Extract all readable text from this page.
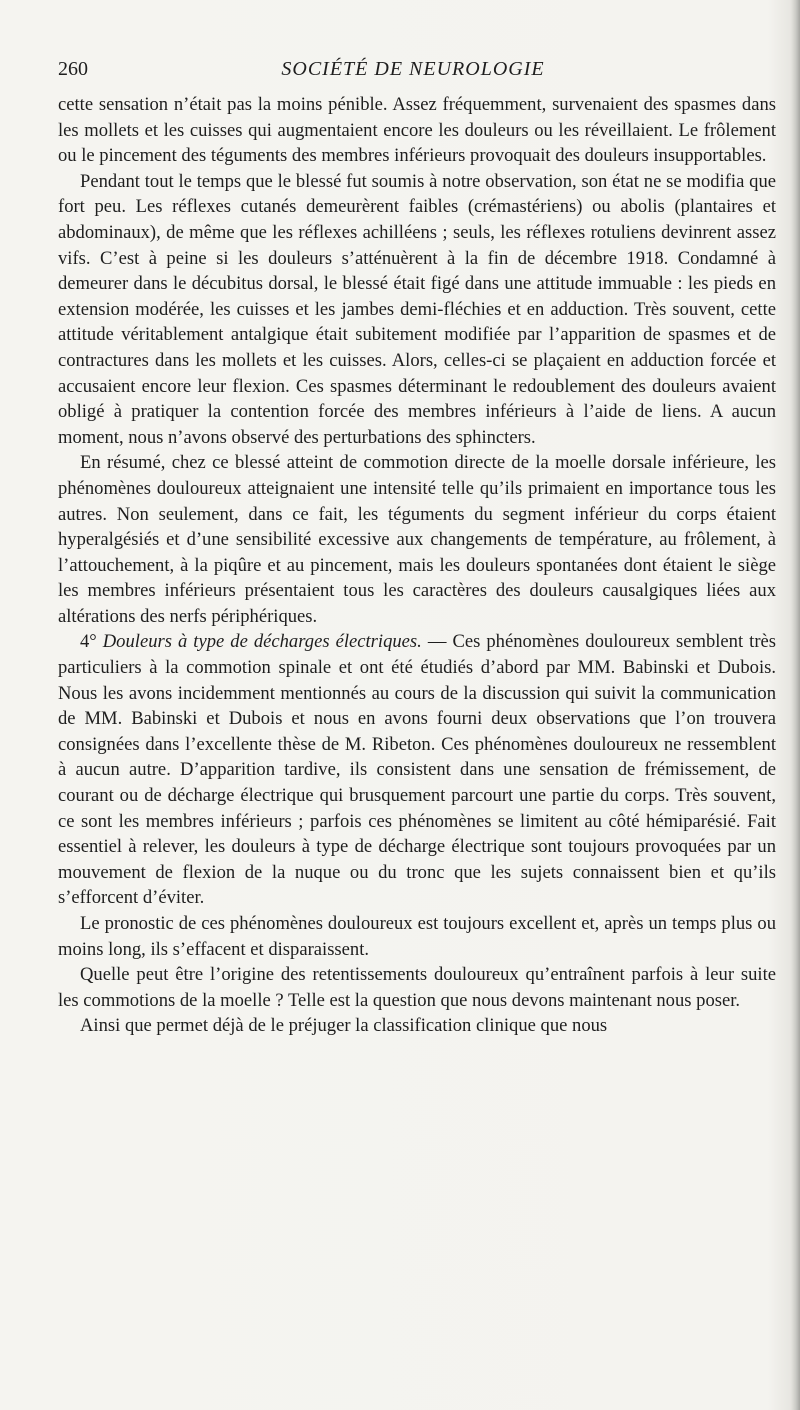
260	SOCIÉTÉ DE NEUROLOGIE

cette sensation n’était pas la moins pénible. Assez fréquemment, survenaient des spasmes dans les mollets et les cuisses qui augmentaient encore les douleurs ou les réveillaient. Le frôlement ou le pincement des téguments des membres inférieurs provoquait des douleurs insupportables.

Pendant tout le temps que le blessé fut soumis à notre observation, son état ne se modifia que fort peu. Les réflexes cutanés demeurèrent faibles (crémastériens) ou abolis (plantaires et abdominaux), de même que les réflexes achilléens ; seuls, les réflexes rotuliens devinrent assez vifs. C’est à peine si les douleurs s’atténuèrent à la fin de décembre 1918. Condamné à demeurer dans le décubitus dorsal, le blessé était figé dans une attitude immuable : les pieds en extension modérée, les cuisses et les jambes demi-fléchies et en adduction. Très souvent, cette attitude véritablement antalgique était subitement modifiée par l’apparition de spasmes et de contractures dans les mollets et les cuisses. Alors, celles-ci se plaçaient en adduction forcée et accusaient encore leur flexion. Ces spasmes déterminant le redoublement des douleurs avaient obligé à pratiquer la contention forcée des membres inférieurs à l’aide de liens. A aucun moment, nous n’avons observé des perturbations des sphincters.

En résumé, chez ce blessé atteint de commotion directe de la moelle dorsale inférieure, les phénomènes douloureux atteignaient une intensité telle qu’ils primaient en importance tous les autres. Non seulement, dans ce fait, les téguments du segment inférieur du corps étaient hyperalgésiés et d’une sensibilité excessive aux changements de température, au frôlement, à l’attouchement, à la piqûre et au pincement, mais les douleurs spontanées dont étaient le siège les membres inférieurs présentaient tous les caractères des douleurs causalgiques liées aux altérations des nerfs périphériques.

4° Douleurs à type de décharges électriques. — Ces phénomènes douloureux semblent très particuliers à la commotion spinale et ont été étudiés d’abord par MM. Babinski et Dubois. Nous les avons incidemment mentionnés au cours de la discussion qui suivit la communication de MM. Babinski et Dubois et nous en avons fourni deux observations que l’on trouvera consignées dans l’excellente thèse de M. Ribeton. Ces phénomènes douloureux ne ressemblent à aucun autre. D’apparition tardive, ils consistent dans une sensation de frémissement, de courant ou de décharge électrique qui brusquement parcourt une partie du corps. Très souvent, ce sont les membres inférieurs ; parfois ces phénomènes se limitent au côté hémiparésié. Fait essentiel à relever, les douleurs à type de décharge électrique sont toujours provoquées par un mouvement de flexion de la nuque ou du tronc que les sujets connaissent bien et qu’ils s’efforcent d’éviter.

Le pronostic de ces phénomènes douloureux est toujours excellent et, après un temps plus ou moins long, ils s’effacent et disparaissent.

Quelle peut être l’origine des retentissements douloureux qu’entraînent parfois à leur suite les commotions de la moelle ? Telle est la question que nous devons maintenant nous poser.

Ainsi que permet déjà de le préjuger la classification clinique que nous
